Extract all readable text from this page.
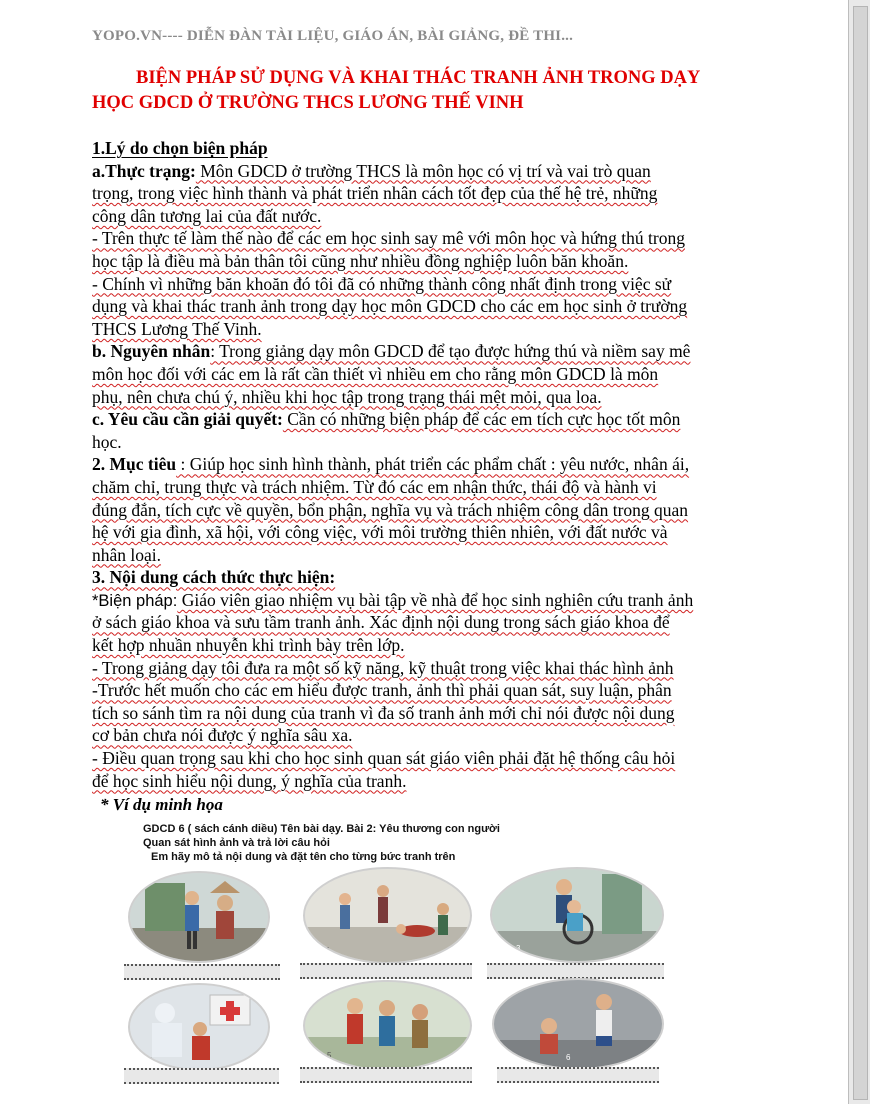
YOPO.VN---- DIỄN ĐÀN TÀI LIỆU, GIÁO ÁN, BÀI GIẢNG, ĐỀ THI...
BIỆN PHÁP SỬ DỤNG VÀ KHAI THÁC TRANH ẢNH TRONG DẠY
HỌC GDCD Ở TRƯỜNG THCS LƯƠNG THẾ VINH
1.Lý do chọn biện pháp
a.Thực trạng: Môn GDCD ở trường THCS là môn học có vị trí và vai trò quan
trọng, trong việc hình thành và phát triển nhân cách tốt đẹp của thế hệ trẻ, những
công dân tương lai của đất nước.
- Trên thực tế làm thế nào để các em học sinh say mê với môn học và hứng thú trong
học tập là điều mà bản thân tôi cũng như nhiều đồng nghiệp luôn băn khoăn.
- Chính vì những băn khoăn đó tôi đã có những thành công nhất định trong việc sử
dụng và khai thác tranh ảnh trong dạy học môn GDCD cho các em học sinh ở trường
THCS Lương Thế Vinh.
b. Nguyên nhân: Trong giảng dạy môn GDCD để tạo được hứng thú và niềm say mê
môn học đối với các em là rất cần thiết vì nhiều em cho rằng môn GDCD là môn
phụ, nên chưa chú ý, nhiều khi học tập trong trạng thái mệt mỏi, qua loa.
c. Yêu cầu cần giải quyết: Cần có những biện pháp để các em tích cực học tốt môn
học.
2. Mục tiêu : Giúp học sinh hình thành, phát triển các phẩm chất : yêu nước, nhân ái,
chăm chỉ, trung thực và trách nhiệm. Từ đó các em nhận thức, thái độ và hành vi
đúng đắn, tích cực về quyền, bổn phận, nghĩa vụ và trách nhiệm công dân trong quan
hệ với gia đình, xã hội, với công việc, với môi trường thiên nhiên, với đất nước và
nhân loại.
3. Nội dung cách thức thực hiện:
*Biện pháp: Giáo viên giao nhiệm vụ bài tập về nhà để học sinh nghiên cứu tranh ảnh
ở sách giáo khoa và sưu tầm tranh ảnh. Xác định nội dung trong sách giáo khoa để
kết hợp nhuần nhuyễn khi trình bày trên lớp.
- Trong giảng dạy tôi đưa ra một số kỹ năng, kỹ thuật trong việc khai thác hình ảnh
-Trước hết muốn cho các em hiểu được tranh, ảnh thì phải quan sát, suy luận, phân
tích so sánh tìm ra nội dung của tranh vì đa số tranh ảnh mới chỉ nói được nội dung
cơ bản chưa nói được ý nghĩa sâu xa.
- Điều quan trọng sau khi cho học sinh quan sát giáo viên phải đặt hệ thống câu hỏi
để học sinh hiểu nội dung, ý nghĩa của tranh.
* Ví dụ minh họa
GDCD 6 ( sách cánh diều) Tên bài dạy. Bài 2: Yêu thương con người
Quan sát hình ảnh và trả lời câu hỏi
Em hãy mô tả nội dung và đặt tên cho từng bức tranh trên
1	2	3
4
5	6
